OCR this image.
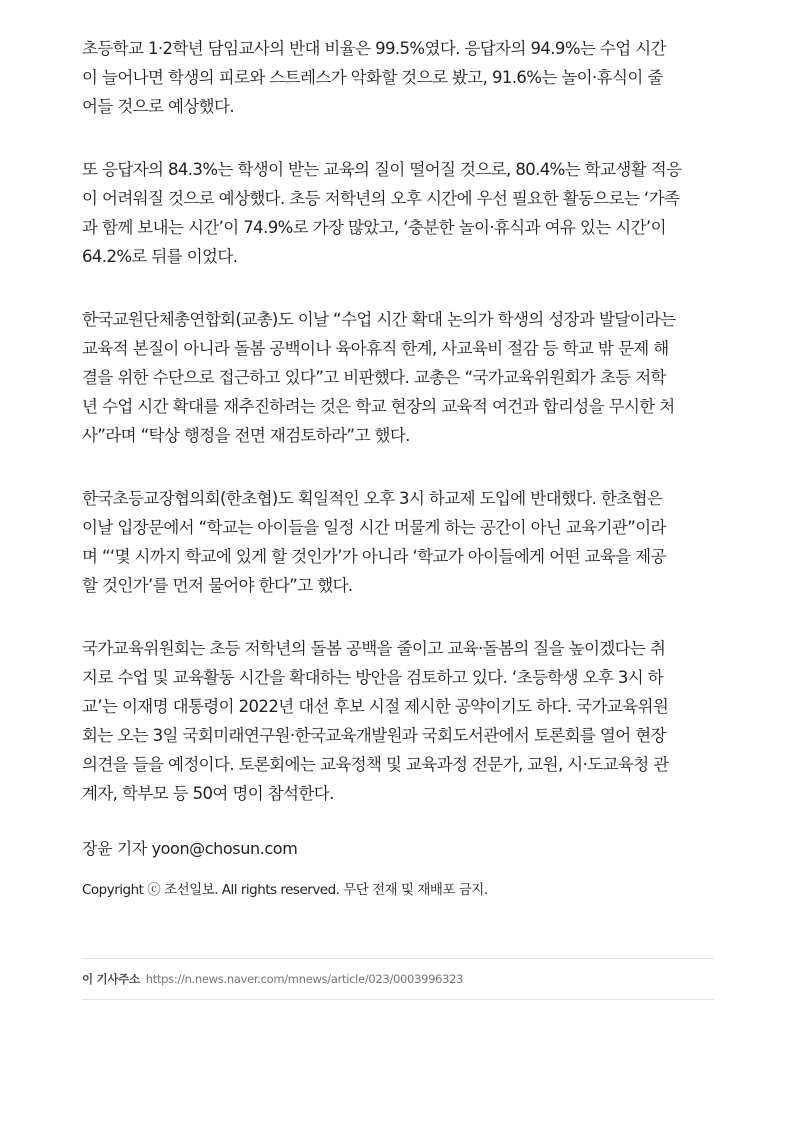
초등학교 1·2학년 담임교사의 반대 비율은 99.5%였다. 응답자의 94.9%는 수업 시간
이 늘어나면 학생의 피로와 스트레스가 악화할 것으로 봤고, 91.6%는 놀이·휴식이 줄
어들 것으로 예상했다.

또 응답자의 84.3%는 학생이 받는 교육의 질이 떨어질 것으로, 80.4%는 학교생활 적응
이 어려워질 것으로 예상했다. 초등 저학년의 오후 시간에 우선 필요한 활동으로는 ‘가족
과 함께 보내는 시간’이 74.9%로 가장 많았고, ‘충분한 놀이·휴식과 여유 있는 시간’이
64.2%로 뒤를 이었다.

한국교원단체총연합회(교총)도 이날 “수업 시간 확대 논의가 학생의 성장과 발달이라는
교육적 본질이 아니라 돌봄 공백이나 육아휴직 한계, 사교육비 절감 등 학교 밖 문제 해
결을 위한 수단으로 접근하고 있다”고 비판했다. 교총은 “국가교육위원회가 초등 저학
년 수업 시간 확대를 재추진하려는 것은 학교 현장의 교육적 여건과 합리성을 무시한 처
사”라며 “탁상 행정을 전면 재검토하라”고 했다.

한국초등교장협의회(한초협)도 획일적인 오후 3시 하교제 도입에 반대했다. 한초협은
이날 입장문에서 “학교는 아이들을 일정 시간 머물게 하는 공간이 아닌 교육기관”이라
며 “‘몇 시까지 학교에 있게 할 것인가’가 아니라 ‘학교가 아이들에게 어떤 교육을 제공
할 것인가’를 먼저 물어야 한다”고 했다.

국가교육위원회는 초등 저학년의 돌봄 공백을 줄이고 교육·돌봄의 질을 높이겠다는 취
지로 수업 및 교육활동 시간을 확대하는 방안을 검토하고 있다. ‘초등학생 오후 3시 하
교’는 이재명 대통령이 2022년 대선 후보 시절 제시한 공약이기도 하다. 국가교육위원
회는 오는 3일 국회미래연구원·한국교육개발원과 국회도서관에서 토론회를 열어 현장
의견을 들을 예정이다. 토론회에는 교육정책 및 교육과정 전문가, 교원, 시·도교육청 관
계자, 학부모 등 50여 명이 참석한다.

장윤 기자 yoon@chosun.com
Copyright ⓒ 조선일보. All rights reserved. 무단 전재 및 재배포 금지.
이 기사주소 https://n.news.naver.com/mnews/article/023/0003996323
